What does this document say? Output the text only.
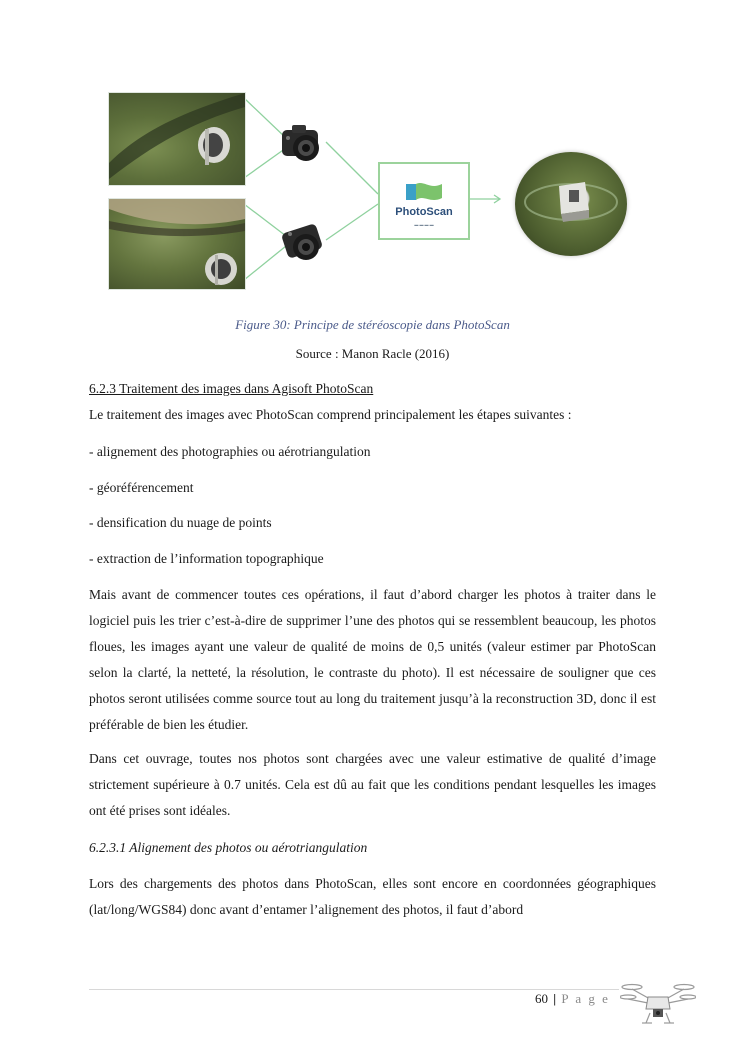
PhotoScan
▬ ▬ ▬ ▬
Figure 30: Principe de stéréoscopie dans PhotoScan
Source : Manon Racle (2016)

6.2.3 Traitement des images dans Agisoft PhotoScan

Le traitement des images avec PhotoScan comprend principalement les étapes suivantes :

- alignement des photographies ou aérotriangulation

- géoréférencement

- densification du nuage de points

- extraction de l’information topographique

Mais avant de commencer toutes ces opérations, il faut d’abord charger les photos à traiter dans le logiciel puis les trier c’est-à-dire de supprimer l’une des photos qui se ressemblent beaucoup, les photos floues, les images ayant une valeur de qualité de moins de 0,5 unités (valeur estimer par PhotoScan selon la clarté, la netteté, la résolution, le contraste du photo). Il est nécessaire de souligner que ces photos seront utilisées comme source tout au long du traitement jusqu’à la reconstruction 3D, donc il est préférable de bien les étudier.

Dans cet ouvrage, toutes nos photos sont chargées avec une valeur estimative de qualité d’image strictement supérieure à 0.7 unités. Cela est dû au fait que les conditions pendant lesquelles les images ont été prises sont idéales.

6.2.3.1 Alignement des photos ou aérotriangulation

Lors des chargements des photos dans PhotoScan, elles sont encore en coordonnées géographiques (lat/long/WGS84) donc avant d’entamer l’alignement des photos, il faut d’abord

60 | P a g e
